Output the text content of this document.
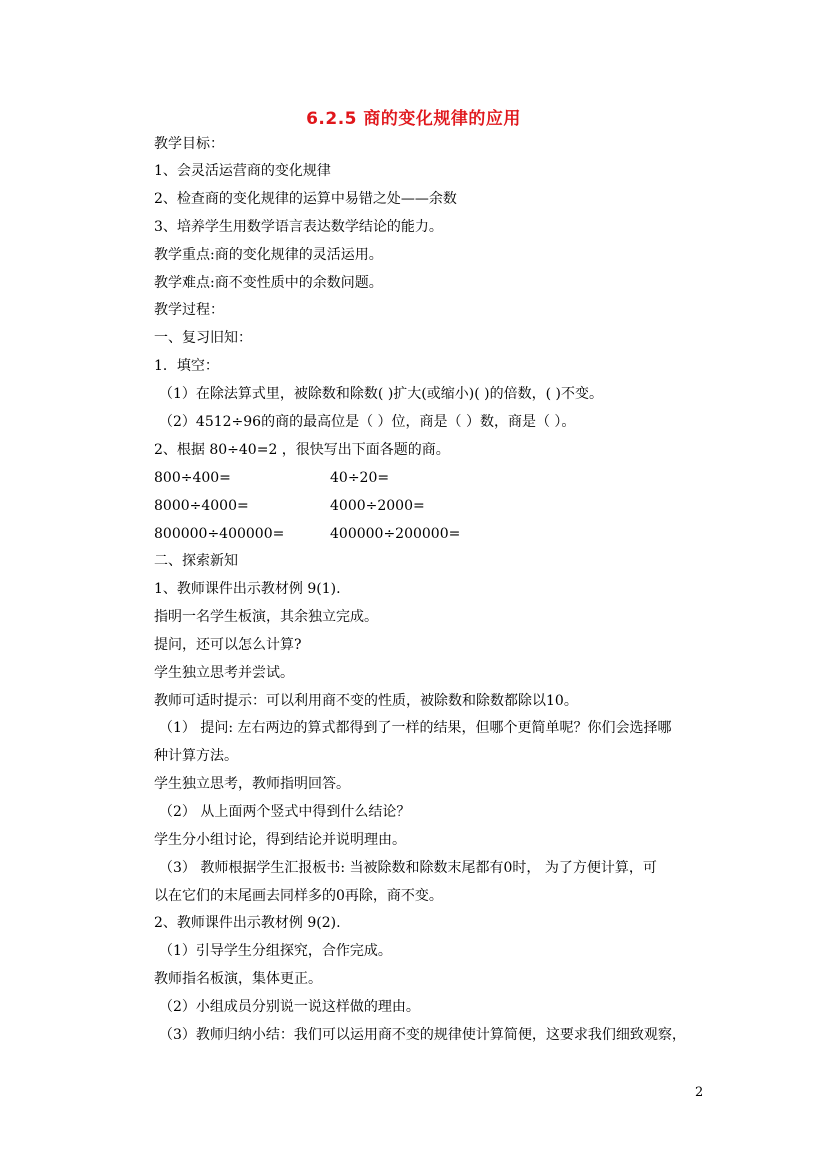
6.2.5 商的变化规律的应用

教学目标：

1、会灵活运营商的变化规律

2、检查商的变化规律的运算中易错之处——余数

3、培养学生用数学语言表达数学结论的能力。

教学重点:商的变化规律的灵活运用。

教学难点:商不变性质中的余数问题。

教学过程：

一、复习旧知：

1．填空：

（1）在除法算式里，被除数和除数( )扩大(或缩小)( )的倍数，( )不变。

（2）4512÷96的商的最高位是（ ）位，商是（ ）数，商是（ ）。

2、根据 80÷40=2 ，很快写出下面各题的商。

800÷400=	40÷20=

8000÷4000=	4000÷2000=

800000÷400000=	400000÷200000=

二、探索新知

1、教师课件出示教材例 9(1).

指明一名学生板演，其余独立完成。

提问，还可以怎么计算?

学生独立思考并尝试。

教师可适时提示：可以利用商不变的性质，被除数和除数都除以10。

（1） 提问: 左右两边的算式都得到了一样的结果，但哪个更简单呢？你们会选择哪

种计算方法。

学生独立思考，教师指明回答。

（2） 从上面两个竖式中得到什么结论？

学生分小组讨论，得到结论并说明理由。

（3） 教师根据学生汇报板书: 当被除数和除数末尾都有0时， 为了方便计算，可

以在它们的末尾画去同样多的0再除，商不变。

2、教师课件出示教材例 9(2).

（1）引导学生分组探究，合作完成。

教师指名板演，集体更正。

（2）小组成员分别说一说这样做的理由。

（3）教师归纳小结：我们可以运用商不变的规律使计算简便，这要求我们细致观察，

2
